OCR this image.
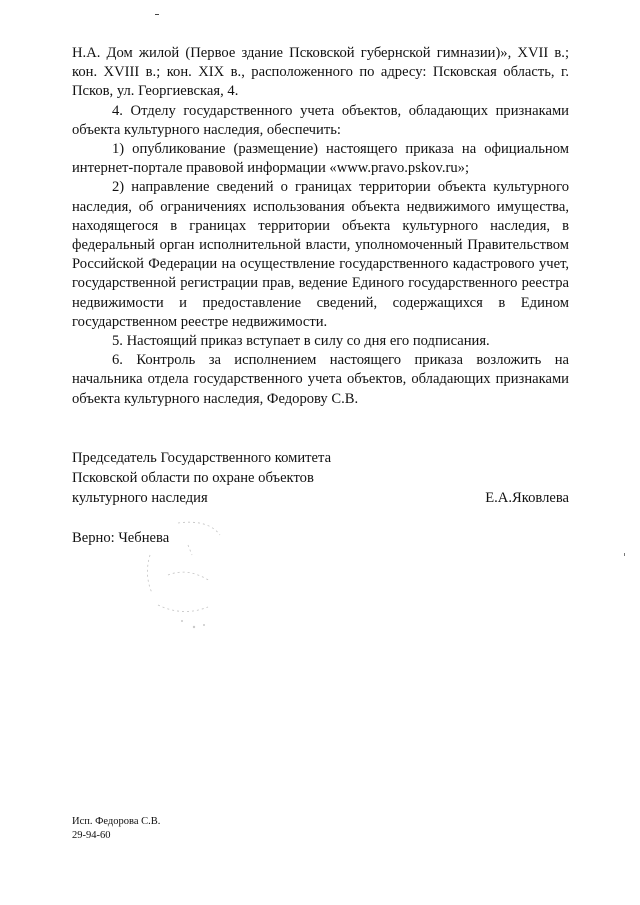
Н.А. Дом жилой (Первое здание Псковской губернской гимназии)», XVII в.; кон. XVIII в.; кон. XIX в., расположенного по адресу: Псковская область, г. Псков, ул. Георгиевская, 4.

4. Отделу государственного учета объектов, обладающих признаками объекта культурного наследия, обеспечить:

1) опубликование (размещение) настоящего приказа на официальном интернет-портале правовой информации «www.pravo.pskov.ru»;

2) направление сведений о границах территории объекта культурного наследия, об ограничениях использования объекта недвижимого имущества, находящегося в границах территории объекта культурного наследия, в федеральный орган исполнительной власти, уполномоченный Правительством Российской Федерации на осуществление государственного кадастрового учет, государственной регистрации прав, ведение Единого государственного реестра недвижимости и предоставление сведений, содержащихся в Едином государственном реестре недвижимости.

5. Настоящий приказ вступает в силу со дня его подписания.

6. Контроль за исполнением настоящего приказа возложить на начальника отдела государственного учета объектов, обладающих признаками объекта культурного наследия, Федорову С.В.

Председатель Государственного комитета
Псковской области по охране объектов
культурного наследия	Е.А.Яковлева
Верно: Чебнева
Исп. Федорова С.В.
29-94-60
